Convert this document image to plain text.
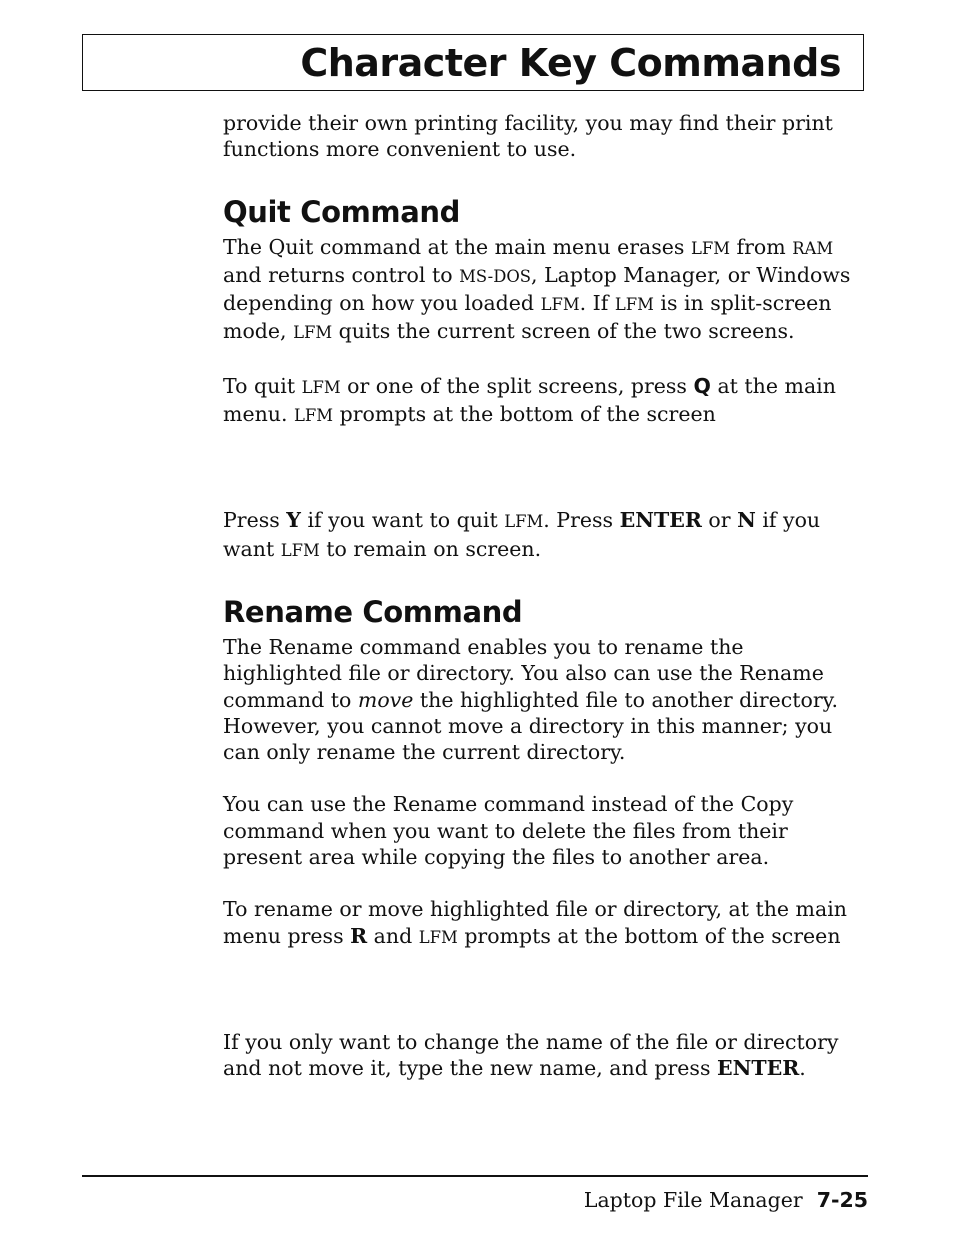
Character Key Commands

provide their own printing facility, you may find their print functions more convenient to use.

Quit Command

The Quit command at the main menu erases LFM from RAM and returns control to MS-DOS, Laptop Manager, or Windows depending on how you loaded LFM. If LFM is in split-screen mode, LFM quits the current screen of the two screens.

To quit LFM or one of the split screens, press Q at the main menu. LFM prompts at the bottom of the screen

Press Y if you want to quit LFM. Press ENTER or N if you want LFM to remain on screen.

Rename Command

The Rename command enables you to rename the highlighted file or directory. You also can use the Rename command to move the highlighted file to another directory. However, you cannot move a directory in this manner; you can only rename the current directory.

You can use the Rename command instead of the Copy command when you want to delete the files from their present area while copying the files to another area.

To rename or move highlighted file or directory, at the main menu press R and LFM prompts at the bottom of the screen

If you only want to change the name of the file or directory and not move it, type the new name, and press ENTER.

Laptop File Manager 7-25
